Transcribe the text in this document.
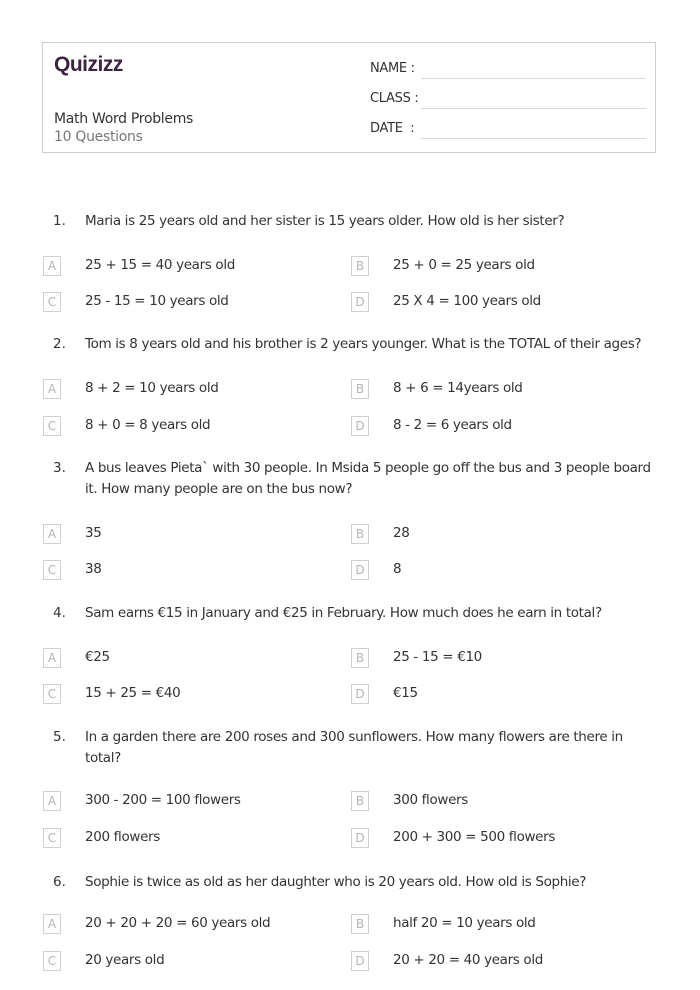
Quizizz
Math Word Problems
10 Questions
NAME :
CLASS :
DATE  :
1. Maria is 25 years old and her sister is 15 years older. How old is her sister?
A	25 + 15 = 40 years old	B	25 + 0 = 25 years old
C	25 - 15 = 10 years old	D	25 X 4 = 100 years old
2. Tom is 8 years old and his brother is 2 years younger. What is the TOTAL of their ages?
A	8 + 2 = 10 years old	B	8 + 6 = 14years old
C	8 + 0 = 8 years old	D	8 - 2 = 6 years old
3. A bus leaves Pieta` with 30 people. In Msida 5 people go off the bus and 3 people board it. How many people are on the bus now?
A	35	B	28
C	38	D	8
4. Sam earns €15 in January and €25 in February. How much does he earn in total?
A	€25	B	25 - 15 = €10
C	15 + 25 = €40	D	€15
5. In a garden there are 200 roses and 300 sunflowers. How many flowers are there in total?
A	300 - 200 = 100 flowers	B	300 flowers
C	200 flowers	D	200 + 300 = 500 flowers
6. Sophie is twice as old as her daughter who is 20 years old. How old is Sophie?
A	20 + 20 + 20 = 60 years old	B	half 20 = 10 years old
C	20 years old	D	20 + 20 = 40 years old
